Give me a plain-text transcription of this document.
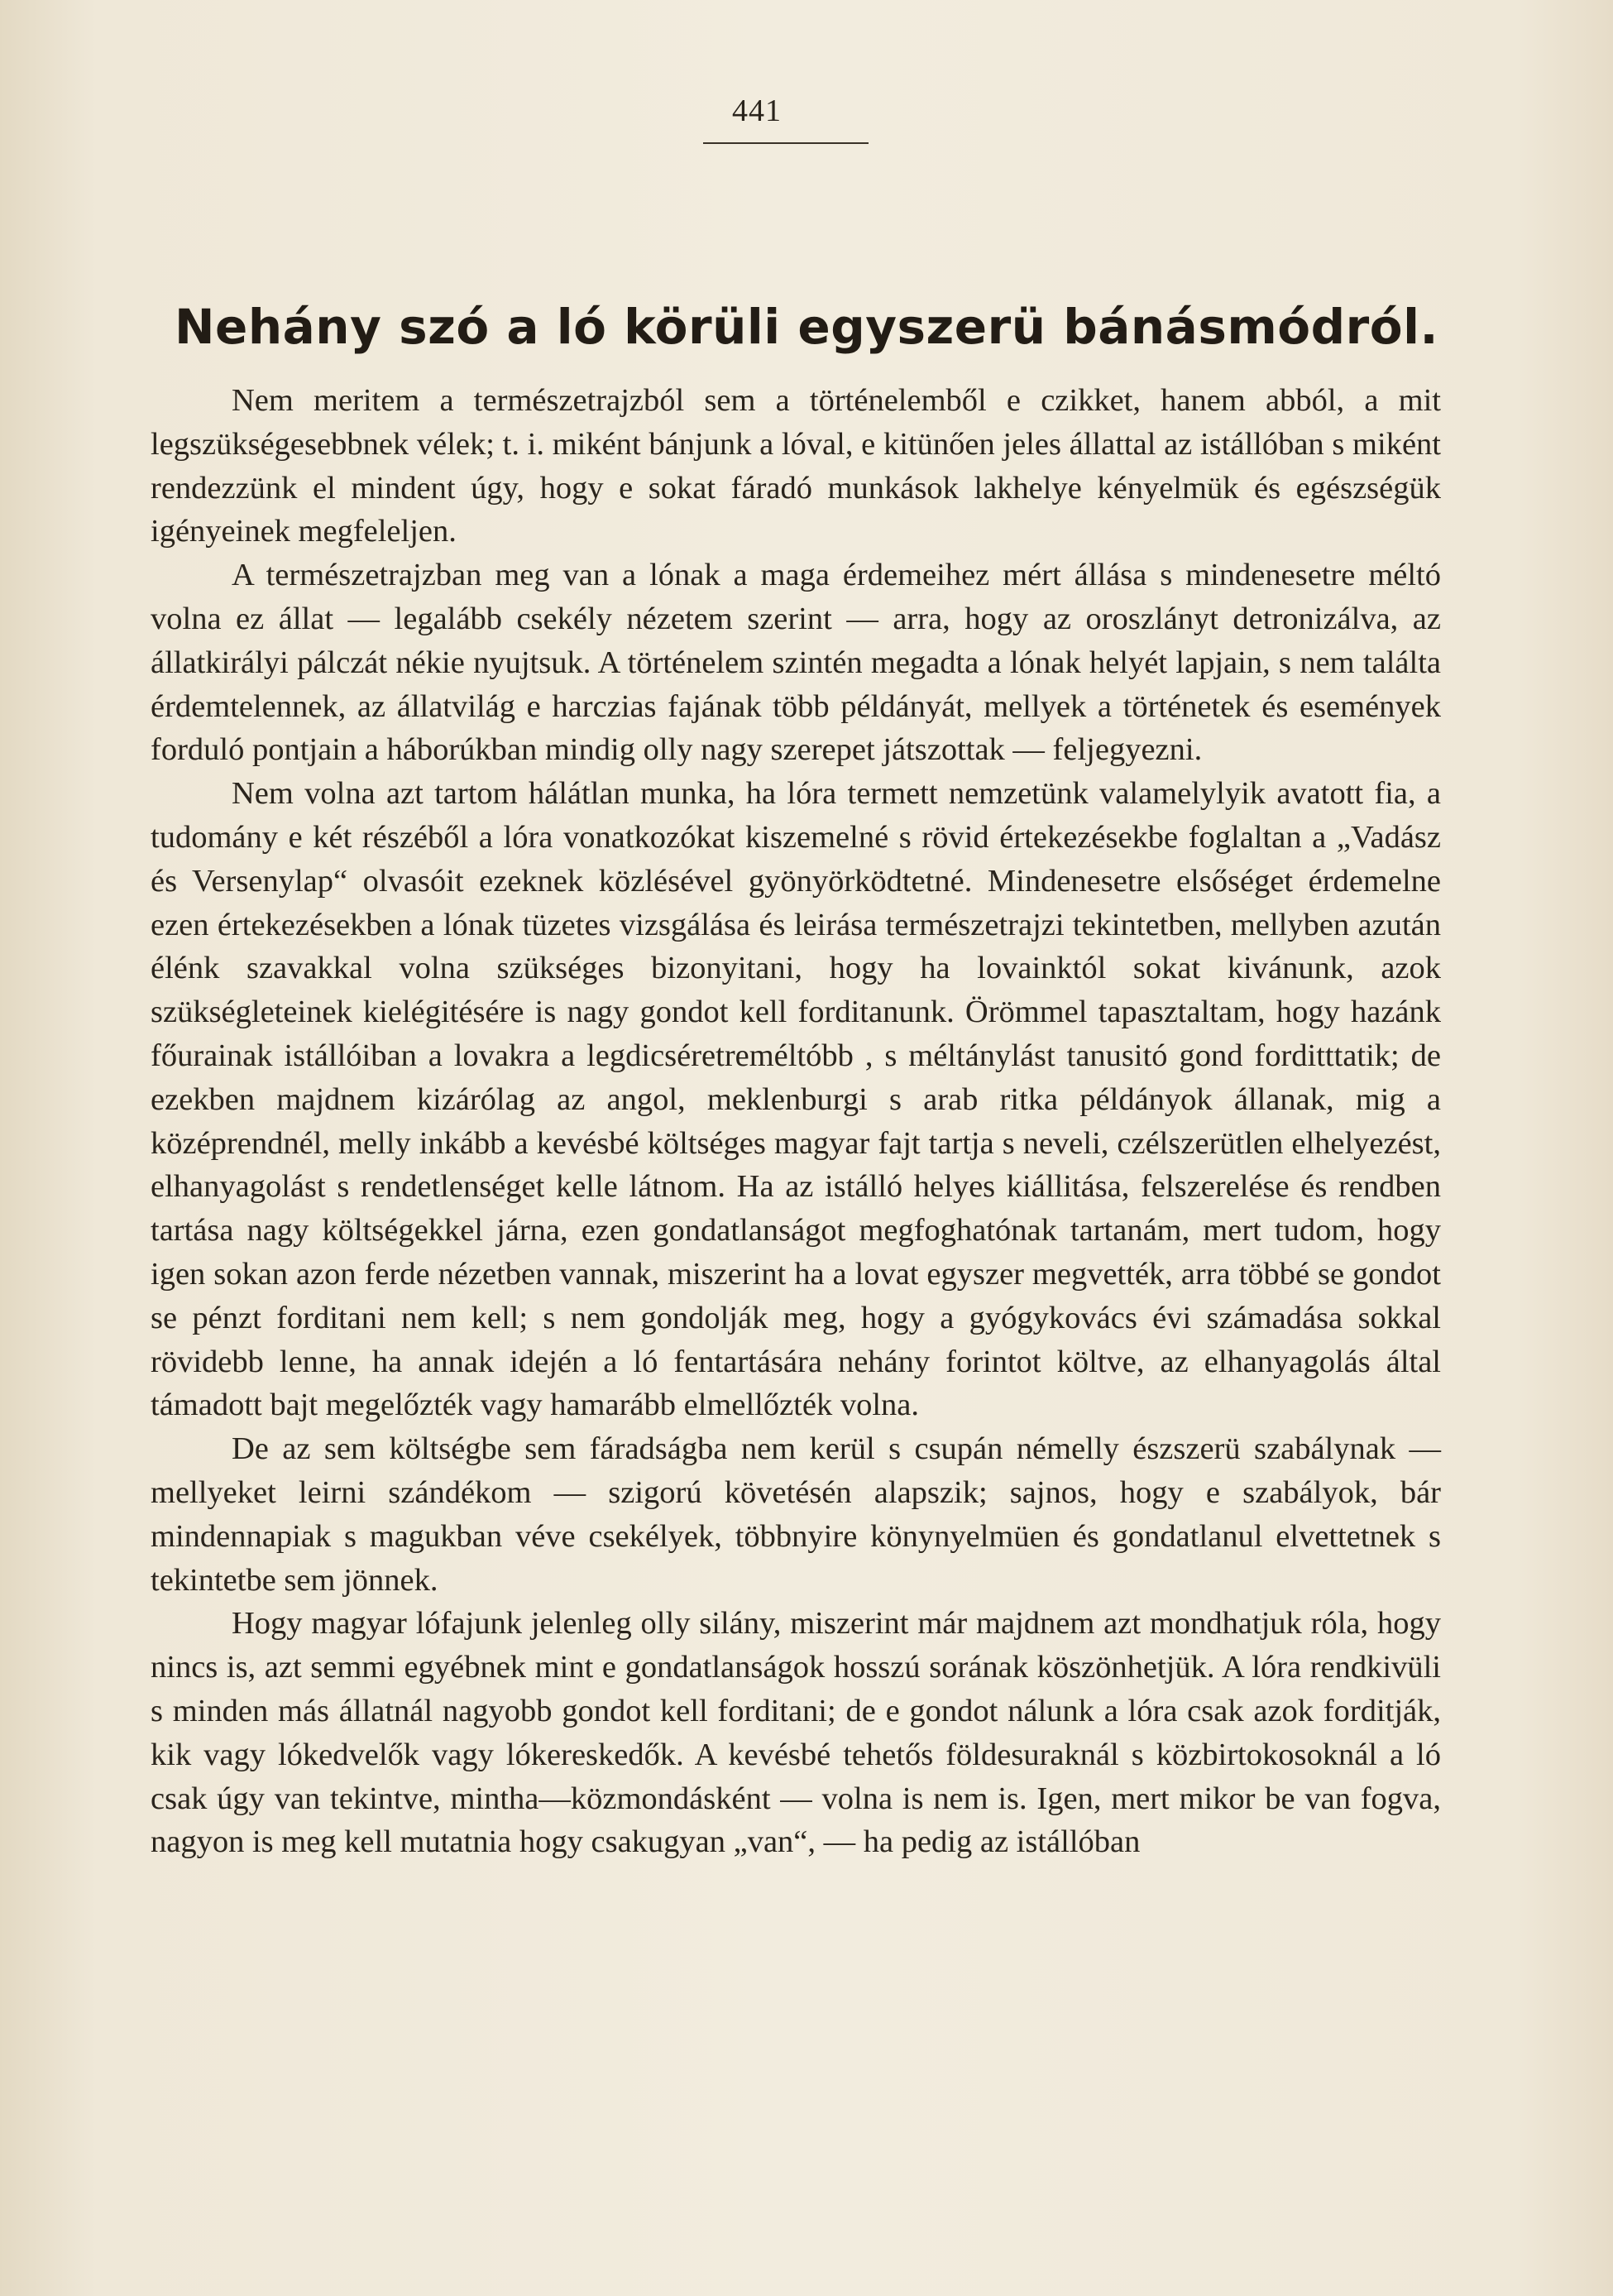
441
Nehány szó a ló körüli egyszerü bánásmódról.

Nem meritem a természetrajzból sem a történelemből e czikket, hanem abból, a mit legszükségesebbnek vélek; t. i. miként bánjunk a lóval, e kitünően jeles állattal az istállóban s miként rendezzünk el mindent úgy, hogy e sokat fáradó munkások lakhelye kényelmük és egészségük igényeinek megfeleljen.

A természetrajzban meg van a lónak a maga érdemeihez mért állása s mindenesetre méltó volna ez állat — legalább csekély nézetem szerint — arra, hogy az oroszlányt detronizálva, az állatkirályi pálczát nékie nyujtsuk. A történelem szintén megadta a lónak helyét lapjain, s nem találta érdemtelennek, az állatvilág e harczias fajának több példányát, mellyek a történetek és események forduló pontjain a háborúkban mindig olly nagy szerepet játszottak — feljegyezni.

Nem volna azt tartom hálátlan munka, ha lóra termett nemzetünk valamelylyik avatott fia, a tudomány e két részéből a lóra vonatkozókat kiszemelné s rövid értekezésekbe foglaltan a „Vadász és Versenylap“ olvasóit ezeknek közlésével gyönyörködtetné. Mindenesetre elsőséget érdemelne ezen értekezésekben a lónak tüzetes vizsgálása és leirása természetrajzi tekintetben, mellyben azután élénk szavakkal volna szükséges bizonyitani, hogy ha lovainktól sokat kivánunk, azok szükségleteinek kielégitésére is nagy gondot kell forditanunk. Örömmel tapasztaltam, hogy hazánk főurainak istállóiban a lovakra a legdicséretreméltóbb , s méltánylást tanusitó gond forditttatik; de ezekben majdnem kizárólag az angol, meklenburgi s arab ritka példányok állanak, mig a középrendnél, melly inkább a kevésbé költséges magyar fajt tartja s neveli, czélszerütlen elhelyezést, elhanyagolást s rendetlenséget kelle látnom. Ha az istálló helyes kiállitása, felszerelése és rendben tartása nagy költségekkel járna, ezen gondatlanságot megfoghatónak tartanám, mert tudom, hogy igen sokan azon ferde nézetben vannak, miszerint ha a lovat egyszer megvették, arra többé se gondot se pénzt forditani nem kell; s nem gondolják meg, hogy a gyógykovács évi számadása sokkal rövidebb lenne, ha annak idején a ló fentartására nehány forintot költve, az elhanyagolás által támadott bajt megelőzték vagy hamarább elmellőzték volna.

De az sem költségbe sem fáradságba nem kerül s csupán némelly észszerü szabálynak — mellyeket leirni szándékom — szigorú követésén alapszik; sajnos, hogy e szabályok, bár mindennapiak s magukban véve csekélyek, többnyire könynyelmüen és gondatlanul elvettetnek s tekintetbe sem jönnek.

Hogy magyar lófajunk jelenleg olly silány, miszerint már majdnem azt mondhatjuk róla, hogy nincs is, azt semmi egyébnek mint e gondatlanságok hosszú sorának köszönhetjük. A lóra rendkivüli s minden más állatnál nagyobb gondot kell forditani; de e gondot nálunk a lóra csak azok forditják, kik vagy lókedvelők vagy lókereskedők. A kevésbé tehetős földesuraknál s közbirtokosoknál a ló csak úgy van tekintve, mintha—közmondásként — volna is nem is. Igen, mert mikor be van fogva, nagyon is meg kell mutatnia hogy csakugyan „van“, — ha pedig az istállóban
